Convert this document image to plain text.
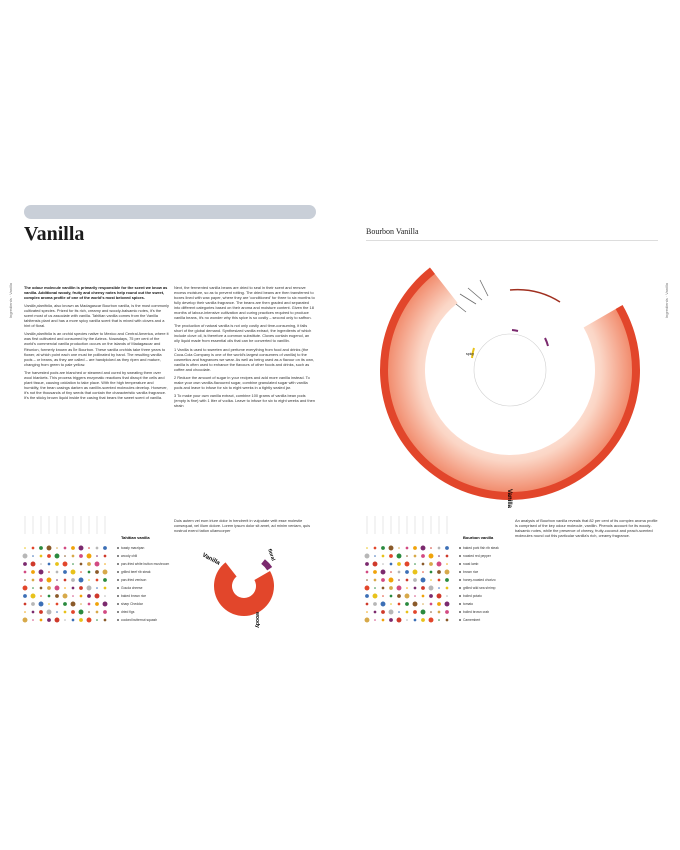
Vanilla
Ingredients · Vanilla	The odour molecule vanillin is primarily responsible for the scent we know as vanilla. Additional woody, fruity and cheesy notes help round out the sweet, complex aroma profile of one of the world's most beloved spices.

Vanilla planifolia, also known as Madagascar Bourbon vanilla, is the most commonly cultivated species. Prized for its rich, creamy and woody-balsamic notes, it's the scent most of us associate with vanilla. Tahitian vanilla comes from the Vanilla tahitensis plant and has a more spicy vanilla scent that is mixed with cloves and a hint of floral.

Vanilla planifolia is an orchid species native to Mexico and Central America, where it was first cultivated and consumed by the Aztecs. Nowadays, 75 per cent of the world's commercial vanilla production occurs on the islands of Madagascar and Réunion, formerly known as Île Bourbon. These vanilla orchids take three years to flower, at which point each one must be pollinated by hand. The resulting vanilla pods – or beans, as they are called – are handpicked as they ripen and mature, changing from green to pale yellow.

The harvested pods are blanched or steamed and cured by sweating them over wool blankets. This process triggers enzymatic reactions that disrupt the cells and plant tissue, causing oxidation to take place. With the high temperature and humidity, the bean casings darken as vanillin-scented molecules develop. However, it's not the thousands of tiny seeds that contain the characteristic vanilla fragrance. It's the sticky brown liquid inside the casing that bears the sweet scent of vanilla.

Next, the fermented vanilla beans are dried to seal in their scent and remove excess moisture, so as to prevent rotting. The dried beans are then transferred to boxes lined with wax paper, where they are 'conditioned' for three to six months to fully develop their vanilla fragrance. The beans are then graded and separated into different categories based on their aroma and moisture content. Given the 18 months of labour-intensive cultivation and curing practices required to produce vanilla beans, it's no wonder why this spice is so costly – second only to saffron.

The production of natural vanilla is not only costly and time-consuming, it falls short of the global demand. Synthesized vanilla extract, the ingredients of which include clove oil, is therefore a common substitute. Cloves contain eugenol, an oily liquid made from essential oils that can be converted to vanillin.

1 Vanilla is used to sweeten and perfume everything from food and drinks (the Coca-Cola Company is one of the world's largest consumers of vanilla) to the cosmetics and fragrances we wear. As well as being used as a flavour on its own, vanilla is often used to enhance the flavours of other foods and drinks, such as coffee and chocolate.

2 Reduce the amount of sugar in your recipes and add more vanilla instead. To make your own vanilla-flavoured sugar, combine granulated sugar with vanilla pods and leave to infuse for six to eight weeks in a tightly sealed jar.

3 To make your own vanilla extract, combine 100 grams of vanilla bean pods (empty is fine) with 1 liter of vodka. Leave to infuse for six to eight weeks and then strain

Duis autem vel eum iriure dolor in hendrerit in vulputate velit esse molestie consequat, vel illum dolore. Lorem ipsum dolor sit amet, ad minim veniam, quis nostrud exerci tation ullamcorper
Tahitian vanilla
toasty marzipan
woody chili
pan-fried white button mushroom
grilled beef rib steak
pan-fried venison
Gouda cheese
baked brown rice
sharp Cheddar
dried figs
cooked butternut squash
Vanilla	floral
woody
Bourbon Vanilla
Ingredients · Vanilla
spicy
Vanilla
Bourbon vanilla
baked pork fish rib steak
roasted red pepper
roast lamb
brown rice
honey-roasted chorizo
grilled wild sea shrimp
boiled potato
tomato
boiled brown crab
Camembert
An analysis of Bourbon vanilla reveals that 82 per cent of its complex aroma profile is comprised of the key odour molecule, vanillin. Phenols account for its woody-balsamic notes, while the presence of cheesy, fruity-coconut and peach-scented molecules round out this particular vanilla's rich, creamy fragrance.
